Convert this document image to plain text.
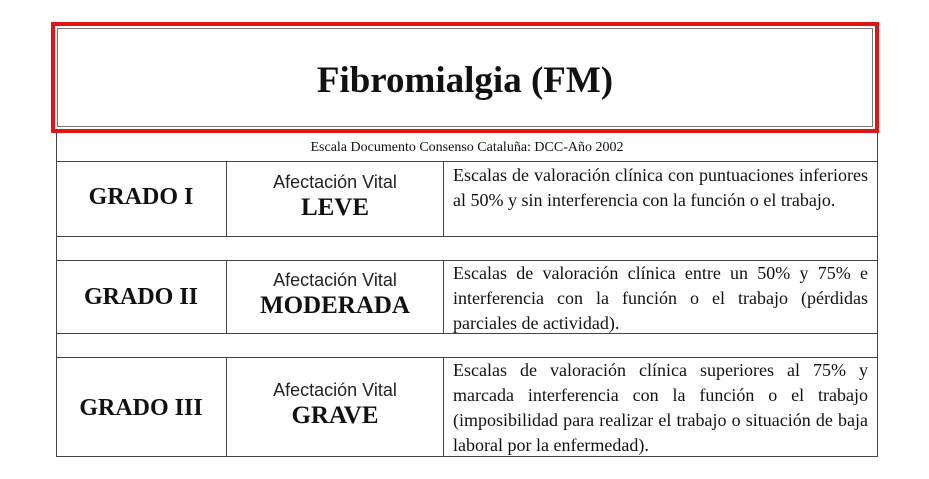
Fibromialgia (FM)
Escala Documento Consenso Cataluña: DCC-Año 2002
GRADO I
Afectación Vital
LEVE
Escalas de valoración clínica con puntuaciones inferiores al 50% y sin interferencia con la función o el trabajo.
GRADO II
Afectación Vital
MODERADA
Escalas de valoración clínica entre un 50% y 75% e interferencia con la función o el trabajo (pérdidas parciales de actividad).
GRADO III
Afectación Vital
GRAVE
Escalas de valoración clínica superiores al 75% y marcada interferencia con la función o el trabajo (imposibilidad para realizar el trabajo o situación de baja laboral por la enfermedad).
